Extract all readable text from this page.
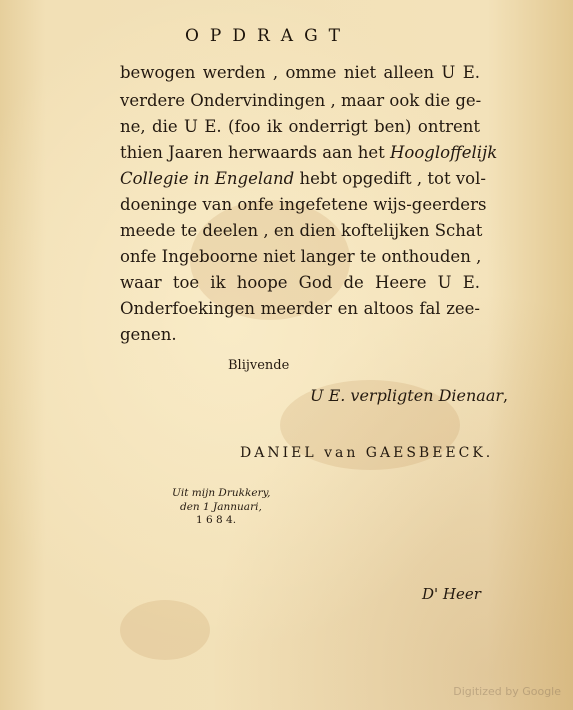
OPDRAGT
bewogen werden , omme niet alleen U E.
verdere Ondervindingen , maar ook die ge-
ne, die U E. (foo ik onderrigt ben) ontrent
thien Jaaren herwaards aan het Hoogloffelijk
Collegie in Engeland hebt opgedift , tot vol-
doeninge van onfe ingefetene wijs-geerders
meede te deelen , en dien koftelijken Schat
onfe Ingeboorne niet langer te onthouden ,
waar toe ik hoope God de Heere U E.
Onderfoekingen meerder en altoos fal zee-
genen.
Blijvende
U E. verpligten Dienaar,
DANIEL van GAESBEECK.
Uit mijn Drukkery,
den 1 Jannuari,
1 6 8 4.
D' Heer
Digitized by Google
